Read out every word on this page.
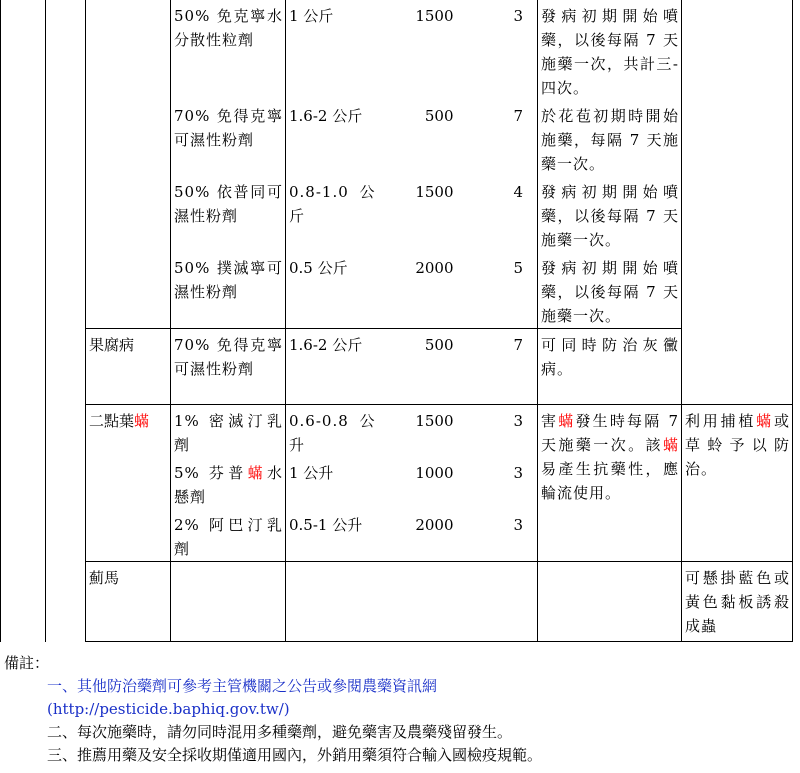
			50% 免克寧水分散性粒劑	1 公斤	1500	3	發病初期開始噴藥，以後每隔 7 天施藥一次，共計三-四次。	
			70% 免得克寧可濕性粉劑	1.6-2 公斤	500	7	於花苞初期時開始施藥，每隔 7 天施藥一次。	
			50% 依普同可濕性粉劑	0.8-1.0 公斤	1500	4	發病初期開始噴藥，以後每隔 7 天施藥一次。	
			50% 撲滅寧可濕性粉劑	0.5 公斤	2000	5	發病初期開始噴藥，以後每隔 7 天施藥一次。	
		果腐病	70% 免得克寧可濕性粉劑	1.6-2 公斤	500	7	可同時防治灰黴病。	
		二點葉蟎	1% 密滅汀乳劑	0.6-0.8 公升	1500	3	害蟎發生時每隔 7 天施藥一次。該蟎易產生抗藥性，應輪流使用。	利用捕植蟎或草蛉予以防治。
			5% 芬普蟎水懸劑	1 公升	1000	3		
			2% 阿巴汀乳劑	0.5-1 公升	2000	3		
		薊馬						可懸掛藍色或黃色黏板誘殺成蟲
備註：
一、其他防治藥劑可參考主管機關之公告或參閱農藥資訊網
(http://pesticide.baphiq.gov.tw/)
二、每次施藥時，請勿同時混用多種藥劑，避免藥害及農藥殘留發生。
三、推薦用藥及安全採收期僅適用國內，外銷用藥須符合輸入國檢疫規範。
